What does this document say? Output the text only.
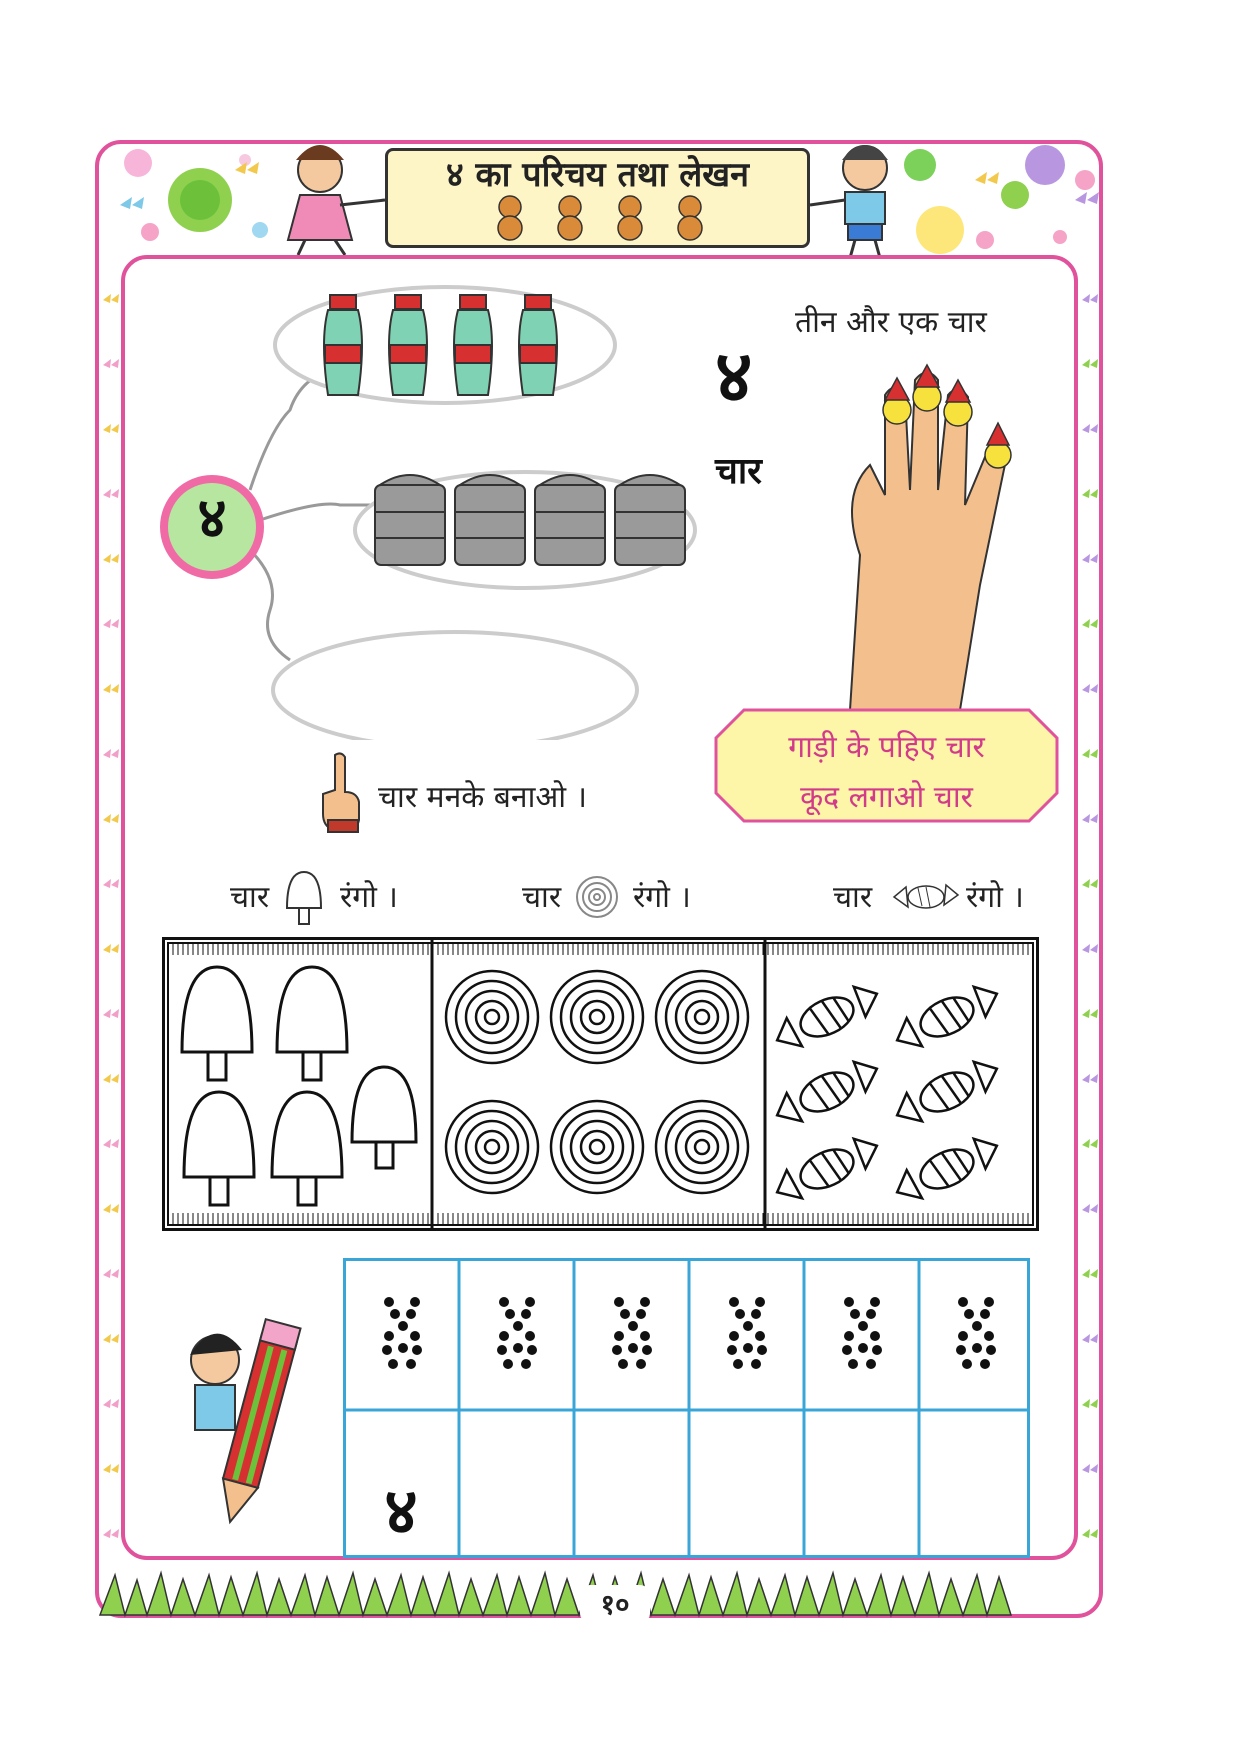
४ का परिचय तथा लेखन
४
तीन और एक चार
४
चार
गाड़ी के पहिए चार
कूद लगाओ चार
चार मनके बनाओ ।
चार रंगो ।	चार रंगो ।	चार	रंगो ।
४
१०
